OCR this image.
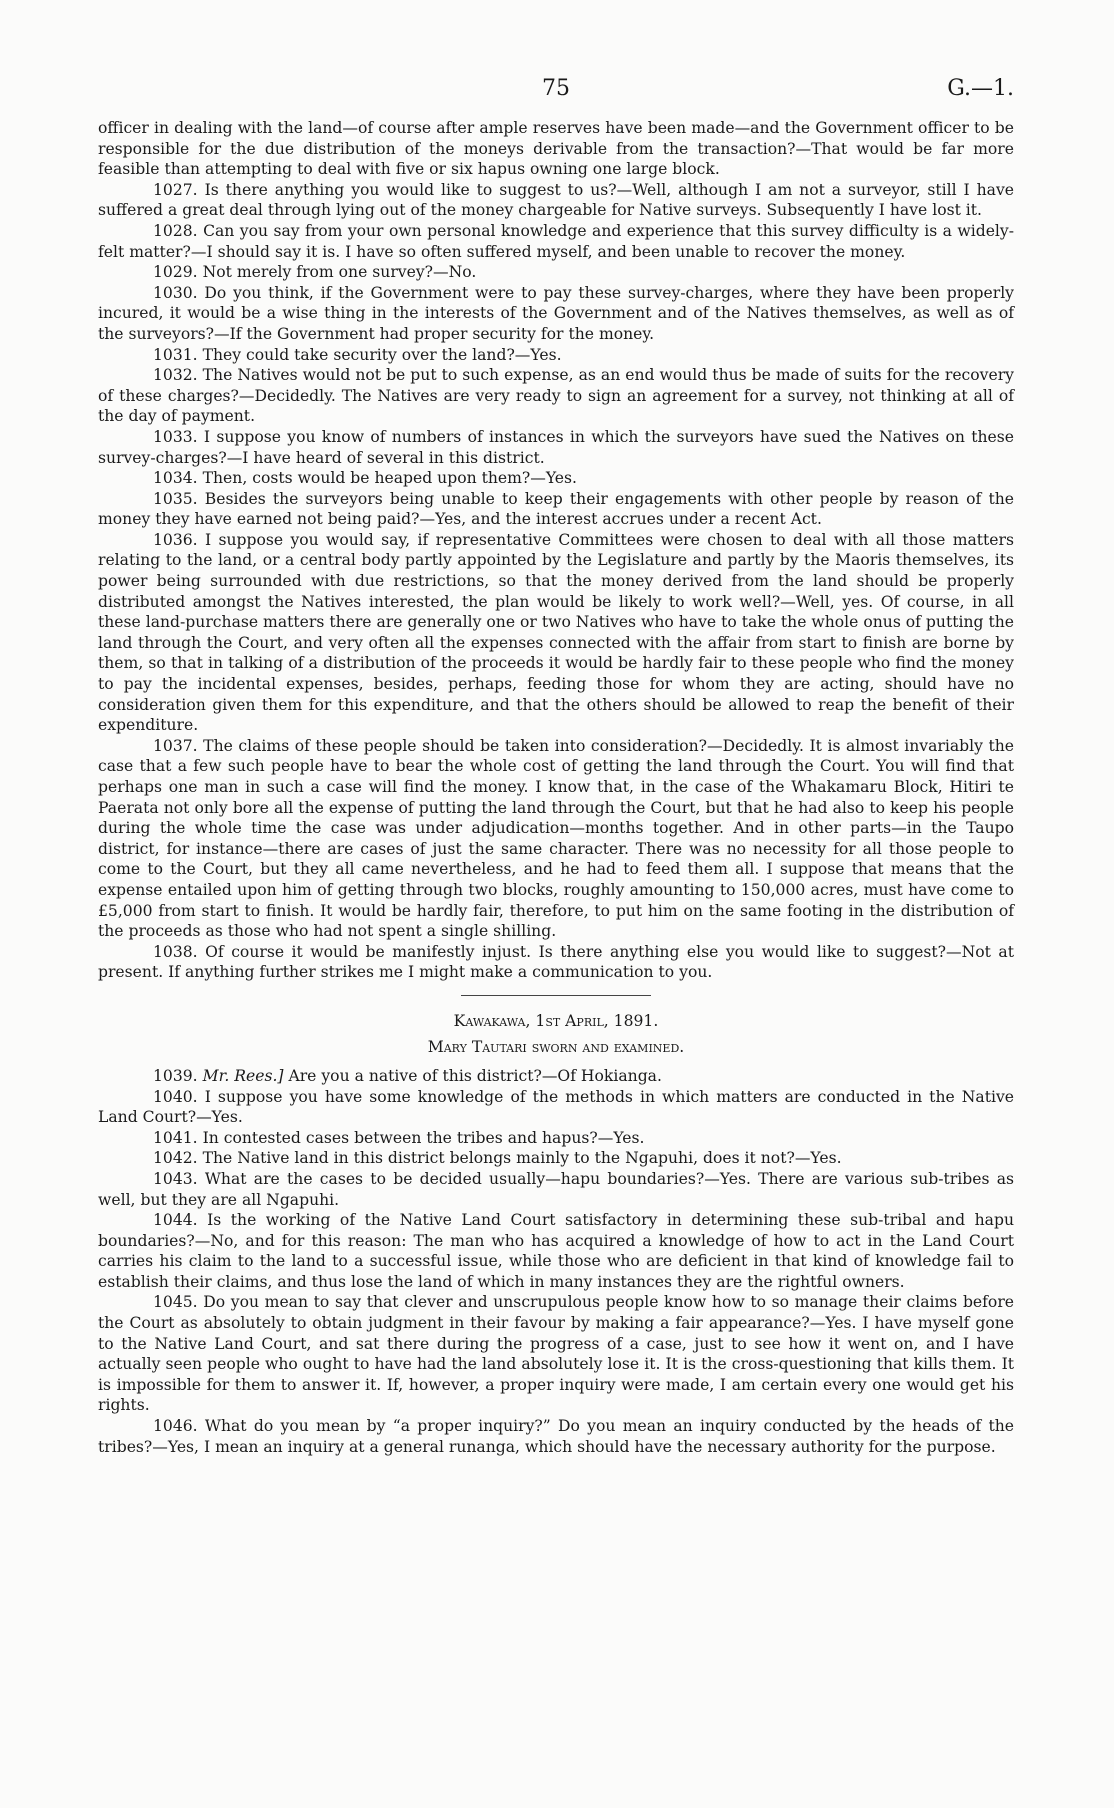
75	G.—1.

officer in dealing with the land—of course after ample reserves have been made—and the Government officer to be responsible for the due distribution of the moneys derivable from the transaction?—That would be far more feasible than attempting to deal with five or six hapus owning one large block.

1027. Is there anything you would like to suggest to us?—Well, although I am not a surveyor, still I have suffered a great deal through lying out of the money chargeable for Native surveys. Subsequently I have lost it.

1028. Can you say from your own personal knowledge and experience that this survey difficulty is a widely-felt matter?—I should say it is. I have so often suffered myself, and been unable to recover the money.

1029. Not merely from one survey?—No.

1030. Do you think, if the Government were to pay these survey-charges, where they have been properly incured, it would be a wise thing in the interests of the Government and of the Natives themselves, as well as of the surveyors?—If the Government had proper security for the money.

1031. They could take security over the land?—Yes.

1032. The Natives would not be put to such expense, as an end would thus be made of suits for the recovery of these charges?—Decidedly. The Natives are very ready to sign an agreement for a survey, not thinking at all of the day of payment.

1033. I suppose you know of numbers of instances in which the surveyors have sued the Natives on these survey-charges?—I have heard of several in this district.

1034. Then, costs would be heaped upon them?—Yes.

1035. Besides the surveyors being unable to keep their engagements with other people by reason of the money they have earned not being paid?—Yes, and the interest accrues under a recent Act.

1036. I suppose you would say, if representative Committees were chosen to deal with all those matters relating to the land, or a central body partly appointed by the Legislature and partly by the Maoris themselves, its power being surrounded with due restrictions, so that the money derived from the land should be properly distributed amongst the Natives interested, the plan would be likely to work well?—Well, yes. Of course, in all these land-purchase matters there are generally one or two Natives who have to take the whole onus of putting the land through the Court, and very often all the expenses connected with the affair from start to finish are borne by them, so that in talking of a distribution of the proceeds it would be hardly fair to these people who find the money to pay the incidental expenses, besides, perhaps, feeding those for whom they are acting, should have no consideration given them for this expenditure, and that the others should be allowed to reap the benefit of their expenditure.

1037. The claims of these people should be taken into consideration?—Decidedly. It is almost invariably the case that a few such people have to bear the whole cost of getting the land through the Court. You will find that perhaps one man in such a case will find the money. I know that, in the case of the Whakamaru Block, Hitiri te Paerata not only bore all the expense of putting the land through the Court, but that he had also to keep his people during the whole time the case was under adjudication—months together. And in other parts—in the Taupo district, for instance—there are cases of just the same character. There was no necessity for all those people to come to the Court, but they all came nevertheless, and he had to feed them all. I suppose that means that the expense entailed upon him of getting through two blocks, roughly amounting to 150,000 acres, must have come to £5,000 from start to finish. It would be hardly fair, therefore, to put him on the same footing in the distribution of the proceeds as those who had not spent a single shilling.

1038. Of course it would be manifestly injust. Is there anything else you would like to suggest?—Not at present. If anything further strikes me I might make a communication to you.

Kawakawa, 1st April, 1891.

Mary Tautari sworn and examined.

1039. Mr. Rees.] Are you a native of this district?—Of Hokianga.

1040. I suppose you have some knowledge of the methods in which matters are conducted in the Native Land Court?—Yes.

1041. In contested cases between the tribes and hapus?—Yes.

1042. The Native land in this district belongs mainly to the Ngapuhi, does it not?—Yes.

1043. What are the cases to be decided usually—hapu boundaries?—Yes. There are various sub-tribes as well, but they are all Ngapuhi.

1044. Is the working of the Native Land Court satisfactory in determining these sub-tribal and hapu boundaries?—No, and for this reason: The man who has acquired a knowledge of how to act in the Land Court carries his claim to the land to a successful issue, while those who are deficient in that kind of knowledge fail to establish their claims, and thus lose the land of which in many instances they are the rightful owners.

1045. Do you mean to say that clever and unscrupulous people know how to so manage their claims before the Court as absolutely to obtain judgment in their favour by making a fair appearance?—Yes. I have myself gone to the Native Land Court, and sat there during the progress of a case, just to see how it went on, and I have actually seen people who ought to have had the land absolutely lose it. It is the cross-questioning that kills them. It is impossible for them to answer it. If, however, a proper inquiry were made, I am certain every one would get his rights.

1046. What do you mean by “a proper inquiry?” Do you mean an inquiry conducted by the heads of the tribes?—Yes, I mean an inquiry at a general runanga, which should have the necessary authority for the purpose.
